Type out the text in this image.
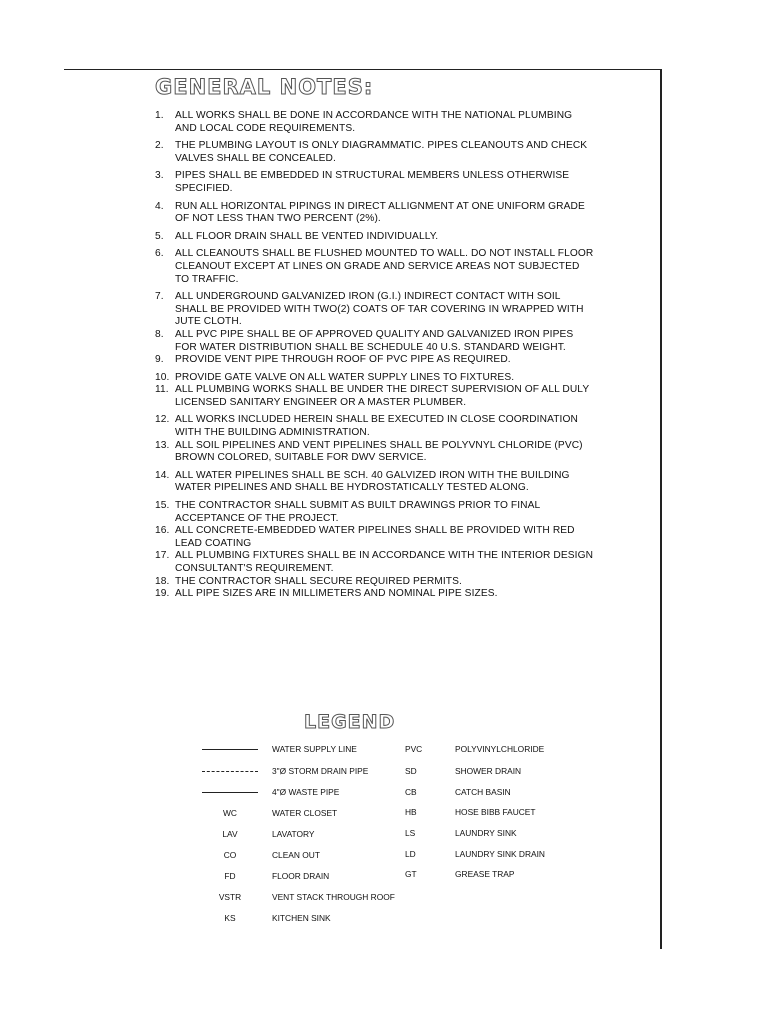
GENERAL NOTES:
1.	ALL WORKS SHALL BE DONE IN ACCORDANCE WITH THE NATIONAL PLUMBING AND LOCAL CODE REQUIREMENTS.
2.	THE PLUMBING LAYOUT IS ONLY DIAGRAMMATIC. PIPES CLEANOUTS AND CHECK VALVES SHALL BE CONCEALED.
3.	PIPES SHALL BE EMBEDDED IN STRUCTURAL MEMBERS UNLESS OTHERWISE SPECIFIED.
4.	RUN ALL HORIZONTAL PIPINGS IN DIRECT ALLIGNMENT AT ONE UNIFORM GRADE OF NOT LESS THAN TWO PERCENT (2%).
5.	ALL FLOOR DRAIN SHALL BE VENTED INDIVIDUALLY.
6.	ALL CLEANOUTS SHALL BE FLUSHED MOUNTED TO WALL. DO NOT INSTALL FLOOR CLEANOUT EXCEPT AT LINES ON GRADE AND SERVICE AREAS NOT SUBJECTED TO TRAFFIC.
7.	ALL UNDERGROUND GALVANIZED IRON (G.I.) INDIRECT CONTACT WITH SOIL SHALL BE PROVIDED WITH TWO(2) COATS OF TAR COVERING IN WRAPPED WITH JUTE CLOTH.
8.	ALL PVC PIPE SHALL BE OF APPROVED QUALITY AND GALVANIZED IRON PIPES FOR WATER DISTRIBUTION SHALL BE SCHEDULE 40 U.S. STANDARD WEIGHT.
9.	PROVIDE VENT PIPE THROUGH ROOF OF PVC PIPE AS REQUIRED.
10. PROVIDE GATE VALVE ON ALL WATER SUPPLY LINES TO FIXTURES.
11. ALL PLUMBING WORKS SHALL BE UNDER THE DIRECT SUPERVISION OF ALL DULY LICENSED SANITARY ENGINEER OR A MASTER PLUMBER.
12. ALL WORKS INCLUDED HEREIN SHALL BE EXECUTED IN CLOSE COORDINATION WITH THE BUILDING ADMINISTRATION.
13. ALL SOIL PIPELINES AND VENT PIPELINES SHALL BE POLYVNYL CHLORIDE (PVC) BROWN COLORED, SUITABLE FOR DWV SERVICE.
14. ALL WATER PIPELINES SHALL BE SCH. 40 GALVIZED IRON WITH THE BUILDING WATER PIPELINES AND SHALL BE HYDROSTATICALLY TESTED ALONG.
15. THE CONTRACTOR SHALL SUBMIT AS BUILT DRAWINGS PRIOR TO FINAL ACCEPTANCE OF THE PROJECT.
16. ALL CONCRETE-EMBEDDED WATER PIPELINES SHALL BE PROVIDED WITH RED LEAD COATING
17. ALL PLUMBING FIXTURES SHALL BE IN ACCORDANCE WITH THE INTERIOR DESIGN CONSULTANT'S REQUIREMENT.
18. THE CONTRACTOR SHALL SECURE REQUIRED PERMITS.
19. ALL PIPE SIZES ARE IN MILLIMETERS AND NOMINAL PIPE SIZES.
LEGEND
WATER SUPPLY LINE
3"Ø STORM DRAIN PIPE
4"Ø WASTE PIPE
WC	WATER CLOSET
LAV	LAVATORY
CO	CLEAN OUT
FD	FLOOR DRAIN
VSTR	VENT STACK THROUGH ROOF
KS	KITCHEN SINK
PVC	POLYVINYLCHLORIDE
SD	SHOWER DRAIN
CB	CATCH BASIN
HB	HOSE BIBB FAUCET
LS	LAUNDRY SINK
LD	LAUNDRY SINK DRAIN
GT	GREASE TRAP
